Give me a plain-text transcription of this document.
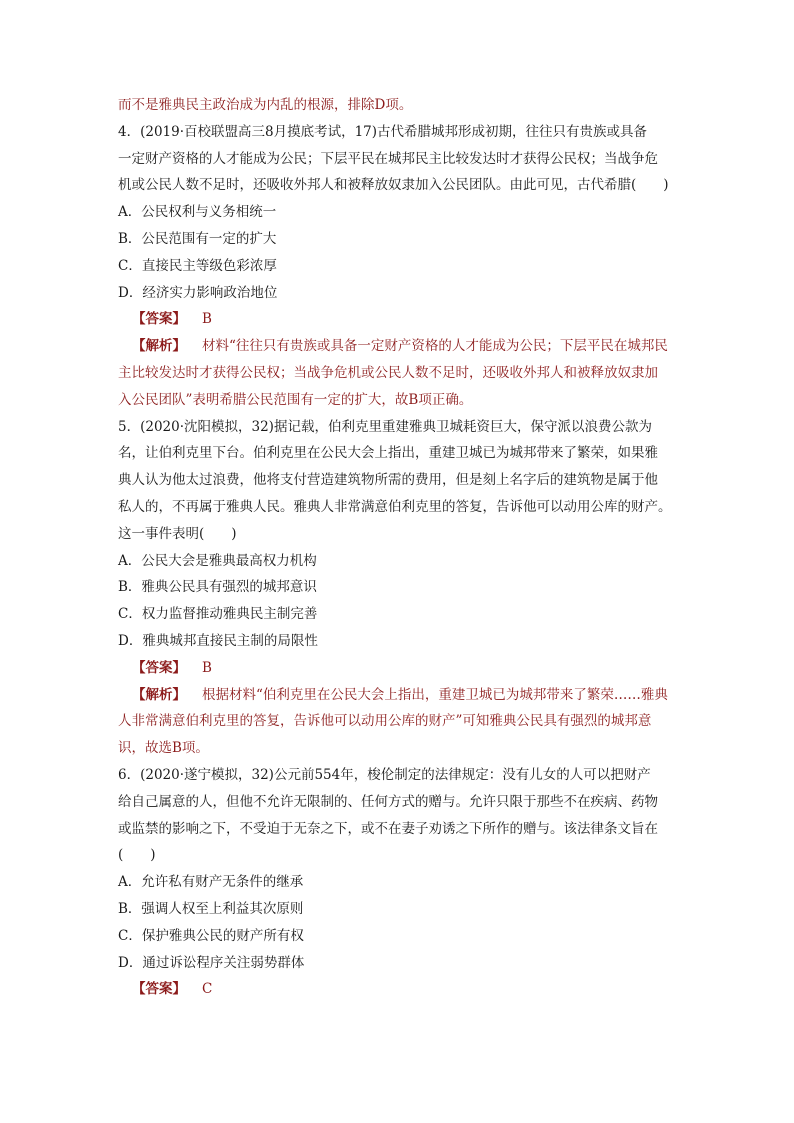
而不是雅典民主政治成为内乱的根源，排除D项。
4．(2019·百校联盟高三8月摸底考试，17)古代希腊城邦形成初期，往往只有贵族或具备
一定财产资格的人才能成为公民；下层平民在城邦民主比较发达时才获得公民权；当战争危
机或公民人数不足时，还吸收外邦人和被释放奴隶加入公民团队。由此可见，古代希腊(　　)
A．公民权利与义务相统一
B．公民范围有一定的扩大
C．直接民主等级色彩浓厚
D．经济实力影响政治地位
【答案】 B
【解析】 材料“往往只有贵族或具备一定财产资格的人才能成为公民；下层平民在城邦民
主比较发达时才获得公民权；当战争危机或公民人数不足时，还吸收外邦人和被释放奴隶加
入公民团队”表明希腊公民范围有一定的扩大，故B项正确。
5．(2020·沈阳模拟，32)据记载，伯利克里重建雅典卫城耗资巨大，保守派以浪费公款为
名，让伯利克里下台。伯利克里在公民大会上指出，重建卫城已为城邦带来了繁荣，如果雅
典人认为他太过浪费，他将支付营造建筑物所需的费用，但是刻上名字后的建筑物是属于他
私人的，不再属于雅典人民。雅典人非常满意伯利克里的答复，告诉他可以动用公库的财产。
这一事件表明(　　)
A．公民大会是雅典最高权力机构
B．雅典公民具有强烈的城邦意识
C．权力监督推动雅典民主制完善
D．雅典城邦直接民主制的局限性
【答案】 B
【解析】 根据材料“伯利克里在公民大会上指出，重建卫城已为城邦带来了繁荣……雅典
人非常满意伯利克里的答复，告诉他可以动用公库的财产”可知雅典公民具有强烈的城邦意
识，故选B项。
6．(2020·遂宁模拟，32)公元前554年，梭伦制定的法律规定：没有儿女的人可以把财产
给自己属意的人，但他不允许无限制的、任何方式的赠与。允许只限于那些不在疾病、药物
或监禁的影响之下，不受迫于无奈之下，或不在妻子劝诱之下所作的赠与。该法律条文旨在
(　　)
A．允许私有财产无条件的继承
B．强调人权至上利益其次原则
C．保护雅典公民的财产所有权
D．通过诉讼程序关注弱势群体
【答案】 C
